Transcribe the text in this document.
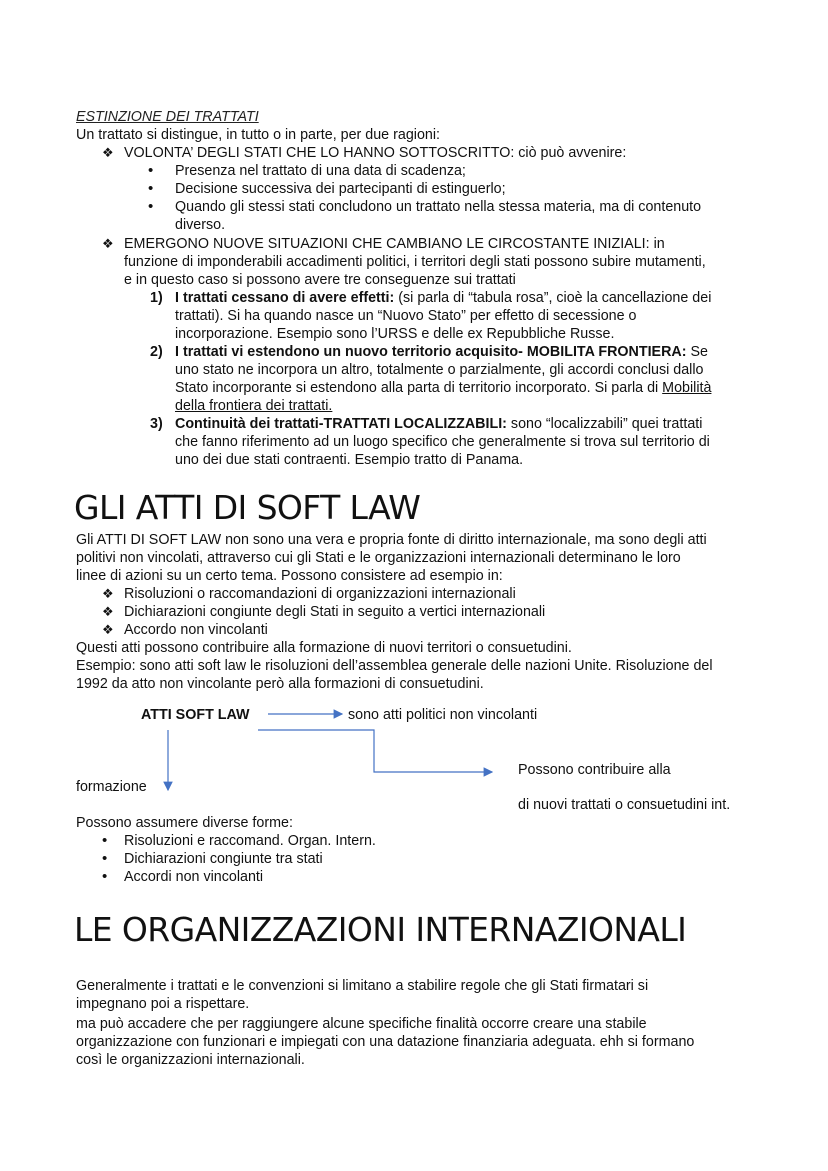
ESTINZIONE DEI TRATTATI
Un trattato si distingue, in tutto o in parte, per due ragioni:
❖ VOLONTA’ DEGLI STATI CHE LO HANNO SOTTOSCRITTO: ciò può avvenire:
• Presenza nel trattato di una data di scadenza;
• Decisione successiva dei partecipanti di estinguerlo;
• Quando gli stessi stati concludono un trattato nella stessa materia, ma di contenuto
diverso.
❖ EMERGONO NUOVE SITUAZIONI CHE CAMBIANO LE CIRCOSTANTE INIZIALI: in
funzione di imponderabili accadimenti politici, i territori degli stati possono subire mutamenti,
e in questo caso si possono avere tre conseguenze sui trattati
1) I trattati cessano di avere effetti: (si parla di “tabula rosa”, cioè la cancellazione dei
trattati). Si ha quando nasce un “Nuovo Stato” per effetto di secessione o
incorporazione. Esempio sono l’URSS e delle ex Repubbliche Russe.
2) I trattati vi estendono un nuovo territorio acquisito- MOBILITA FRONTIERA: Se
uno stato ne incorpora un altro, totalmente o parzialmente, gli accordi conclusi dallo
Stato incorporante si estendono alla parta di territorio incorporato. Si parla di Mobilità
della frontiera dei trattati.
3) Continuità dei trattati-TRATTATI LOCALIZZABILI: sono “localizzabili” quei trattati
che fanno riferimento ad un luogo specifico che generalmente si trova sul territorio di
uno dei due stati contraenti. Esempio tratto di Panama.
GLI ATTI DI SOFT LAW
Gli ATTI DI SOFT LAW non sono una vera e propria fonte di diritto internazionale, ma sono degli atti
politivi non vincolati, attraverso cui gli Stati e le organizzazioni internazionali determinano le loro
linee di azioni su un certo tema. Possono consistere ad esempio in:
❖ Risoluzioni o raccomandazioni di organizzazioni internazionali
❖ Dichiarazioni congiunte degli Stati in seguito a vertici internazionali
❖ Accordo non vincolanti
Questi atti possono contribuire alla formazione di nuovi territori o consuetudini.
Esempio: sono atti soft law le risoluzioni dell’assemblea generale delle nazioni Unite. Risoluzione del
1992 da atto non vincolante però alla formazioni di consuetudini.
ATTI SOFT LAW	sono atti politici non vincolanti
Possono contribuire alla
formazione
di nuovi trattati o consuetudini int.
Possono assumere diverse forme:
• Risoluzioni e raccomand. Organ. Intern.
• Dichiarazioni congiunte tra stati
• Accordi non vincolanti
LE ORGANIZZAZIONI INTERNAZIONALI
Generalmente i trattati e le convenzioni si limitano a stabilire regole che gli Stati firmatari si
impegnano poi a rispettare.
ma può accadere che per raggiungere alcune specifiche finalità occorre creare una stabile
organizzazione con funzionari e impiegati con una datazione finanziaria adeguata. ehh si formano
così le organizzazioni internazionali.
